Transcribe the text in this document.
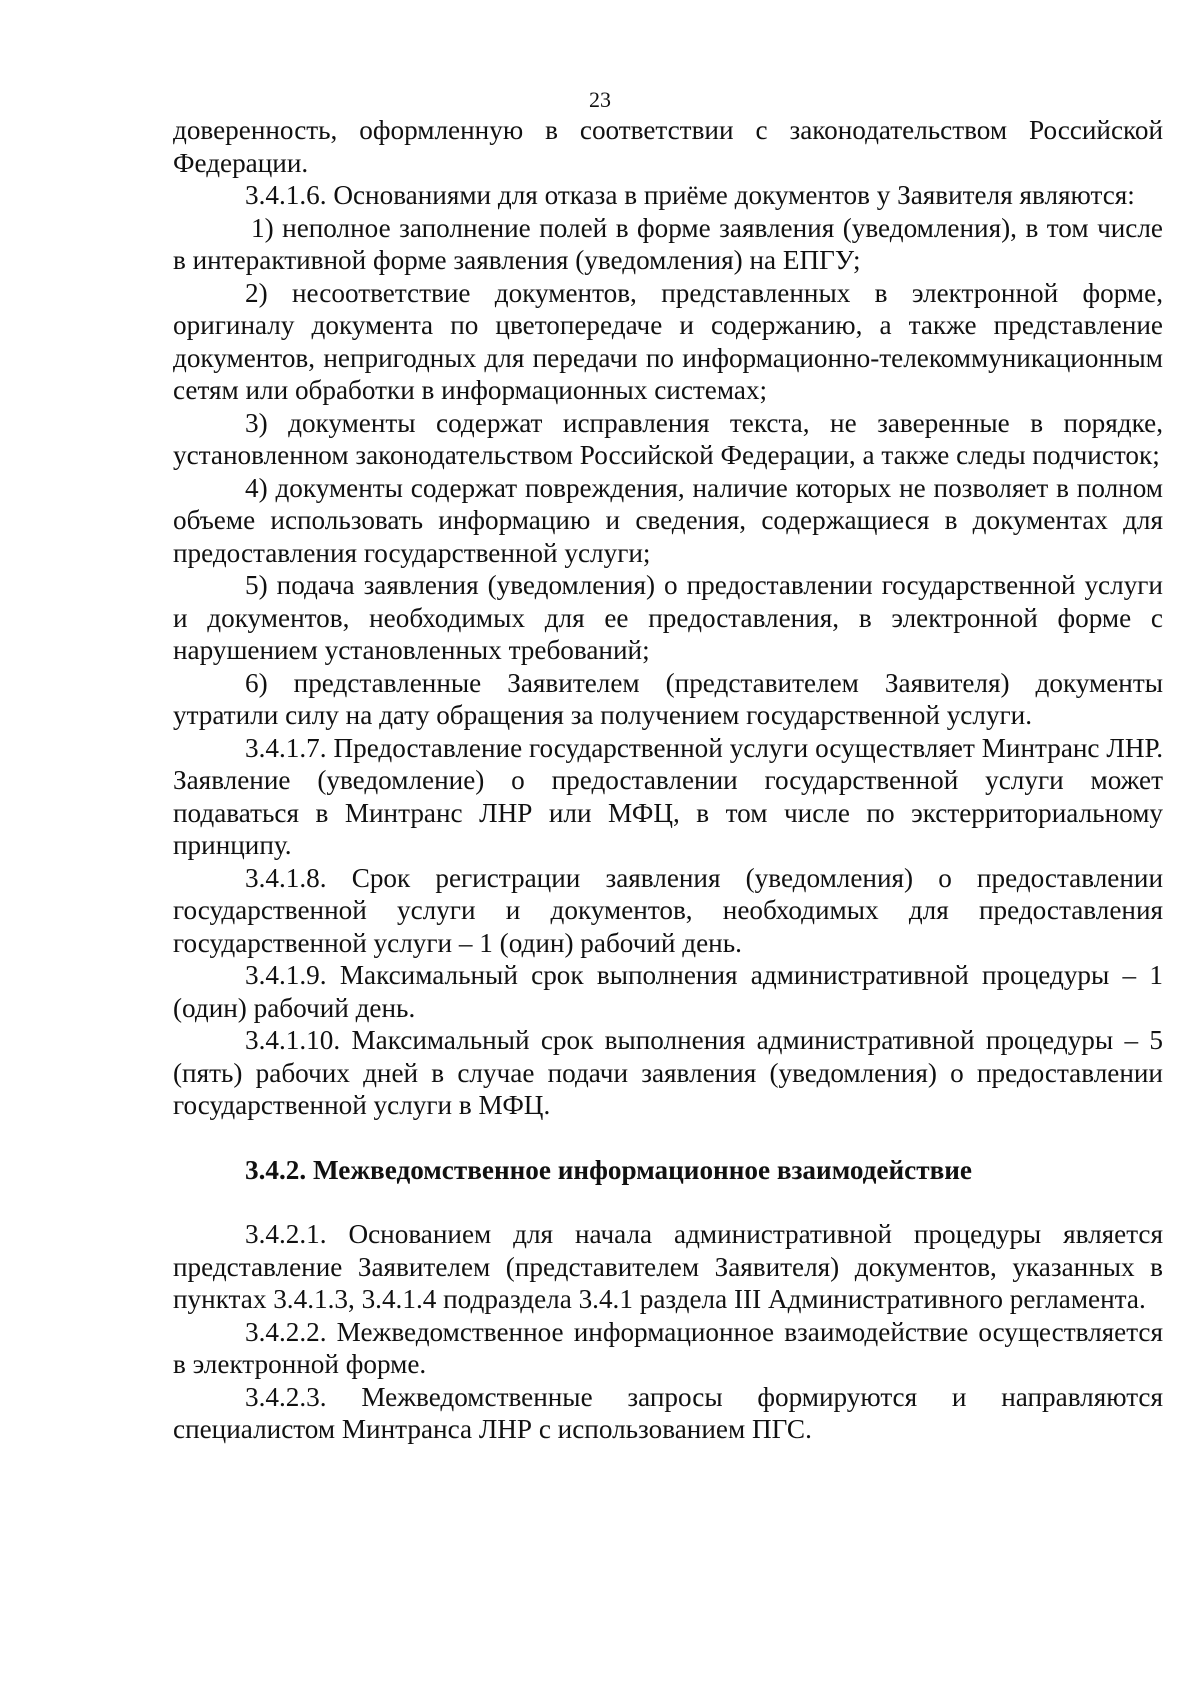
23

доверенность, оформленную в соответствии с законодательством Российской Федерации.

3.4.1.6. Основаниями для отказа в приёме документов у Заявителя являются:

1) неполное заполнение полей в форме заявления (уведомления), в том числе в интерактивной форме заявления (уведомления) на ЕПГУ;

2) несоответствие документов, представленных в электронной форме, оригиналу документа по цветопередаче и содержанию, а также представление документов, непригодных для передачи по информационно-телекоммуникационным сетям или обработки в информационных системах;

3) документы содержат исправления текста, не заверенные в порядке, установленном законодательством Российской Федерации, а также следы подчисток;

4) документы содержат повреждения, наличие которых не позволяет в полном объеме использовать информацию и сведения, содержащиеся в документах для предоставления государственной услуги;

5) подача заявления (уведомления) о предоставлении государственной услуги и документов, необходимых для ее предоставления, в электронной форме с нарушением установленных требований;

6) представленные Заявителем (представителем Заявителя) документы утратили силу на дату обращения за получением государственной услуги.

3.4.1.7. Предоставление государственной услуги осуществляет Минтранс ЛНР. Заявление (уведомление) о предоставлении государственной услуги может подаваться в Минтранс ЛНР или МФЦ, в том числе по экстерриториальному принципу.

3.4.1.8. Срок регистрации заявления (уведомления) о предоставлении государственной услуги и документов, необходимых для предоставления государственной услуги – 1 (один) рабочий день.

3.4.1.9. Максимальный срок выполнения административной процедуры – 1 (один) рабочий день.

3.4.1.10. Максимальный срок выполнения административной процедуры – 5 (пять) рабочих дней в случае подачи заявления (уведомления) о предоставлении государственной услуги в МФЦ.

3.4.2. Межведомственное информационное взаимодействие

3.4.2.1. Основанием для начала административной процедуры является представление Заявителем (представителем Заявителя) документов, указанных в пунктах 3.4.1.3, 3.4.1.4 подраздела 3.4.1 раздела III Административного регламента.

3.4.2.2. Межведомственное информационное взаимодействие осуществляется в электронной форме.

3.4.2.3. Межведомственные запросы формируются и направляются специалистом Минтранса ЛНР с использованием ПГС.
